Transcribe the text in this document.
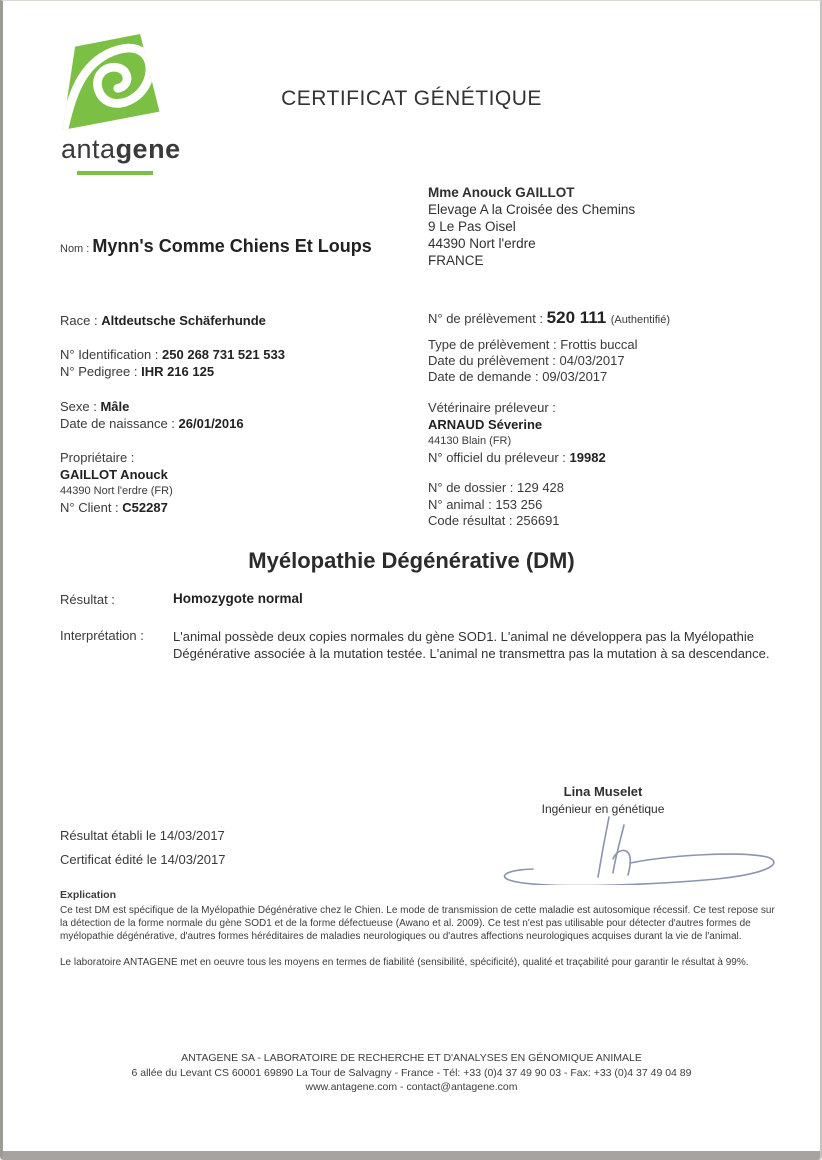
antagene
CERTIFICAT GÉNÉTIQUE
Mme Anouck GAILLOT
Elevage A la Croisée des Chemins
9 Le Pas Oisel
44390 Nort l'erdre
FRANCE
Nom : Mynn's Comme Chiens Et Loups
Race : Altdeutsche Schäferhunde
N° Identification : 250 268 731 521 533
N° Pedigree : IHR 216 125
Sexe : Mâle
Date de naissance : 26/01/2016
Propriétaire :
GAILLOT Anouck
44390 Nort l'erdre (FR)
N° Client : C52287
N° de prélèvement : 520 111 (Authentifié)
Type de prélèvement : Frottis buccal
Date du prélèvement : 04/03/2017
Date de demande : 09/03/2017
Vétérinaire préleveur :
ARNAUD Séverine
44130 Blain (FR)
N° officiel du préleveur : 19982
N° de dossier : 129 428
N° animal : 153 256
Code résultat : 256691
Myélopathie Dégénérative (DM)
Résultat :	Homozygote normal
Interprétation : L'animal possède deux copies normales du gène SOD1. L'animal ne développera pas la Myélopathie Dégénérative associée à la mutation testée. L'animal ne transmettra pas la mutation à sa descendance.
Lina Muselet
Ingénieur en génétique
Résultat établi le 14/03/2017
Certificat édité le 14/03/2017
Explication

Ce test DM est spécifique de la Myélopathie Dégénérative chez le Chien. Le mode de transmission de cette maladie est autosomique récessif. Ce test repose sur la détection de la forme normale du gène SOD1 et de la forme défectueuse (Awano et al. 2009). Ce test n'est pas utilisable pour détecter d'autres formes de myélopathie dégénérative, d'autres formes héréditaires de maladies neurologiques ou d'autres affections neurologiques acquises durant la vie de l'animal.

Le laboratoire ANTAGENE met en oeuvre tous les moyens en termes de fiabilité (sensibilité, spécificité), qualité et traçabilité pour garantir le résultat à 99%.

ANTAGENE SA - LABORATOIRE DE RECHERCHE ET D'ANALYSES EN GÉNOMIQUE ANIMALE
6 allée du Levant CS 60001 69890 La Tour de Salvagny - France - Tél: +33 (0)4 37 49 90 03 - Fax: +33 (0)4 37 49 04 89
www.antagene.com - contact@antagene.com
